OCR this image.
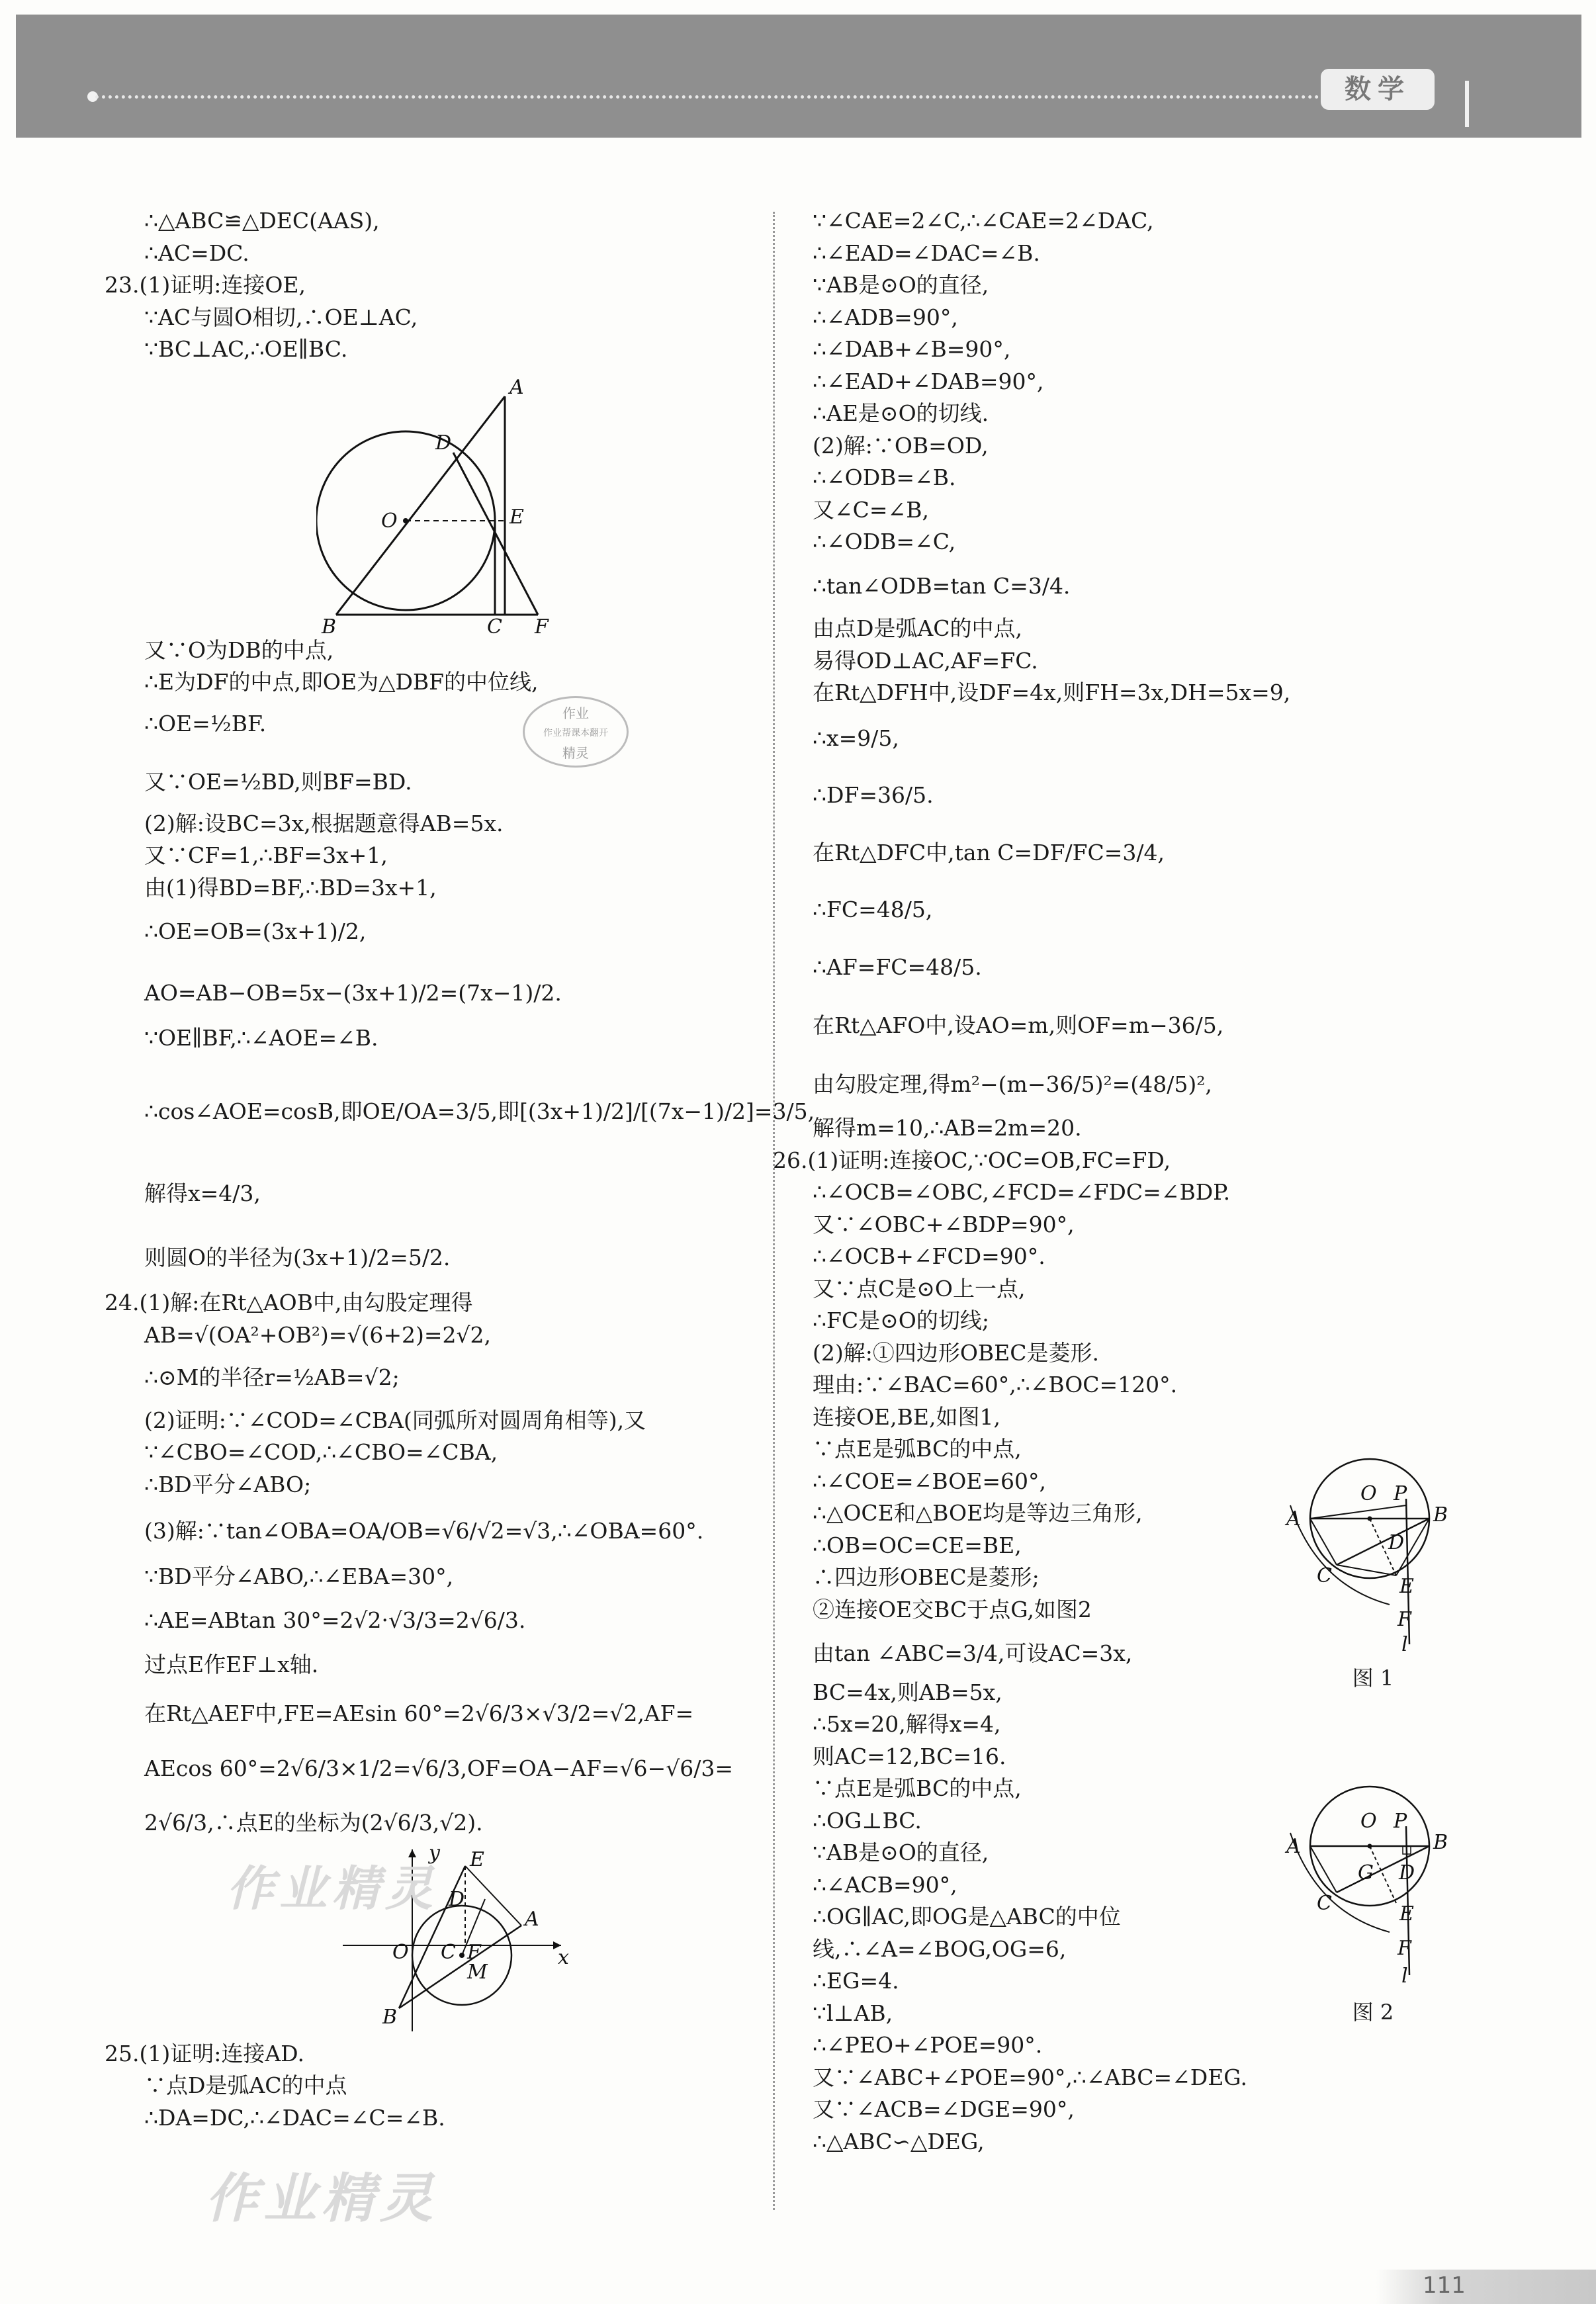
数学
∴△ABC≌△DEC(AAS),
∴AC=DC.
23.(1)证明:连接OE,
∵AC与圆O相切,∴OE⊥AC,
∵BC⊥AC,∴OE∥BC.
A
D
O	E
B	C F
又∵O为DB的中点,
∴E为DF的中点,即OE为△DBF的中位线,
∴OE=½BF.
又∵OE=½BD,则BF=BD.
(2)解:设BC=3x,根据题意得AB=5x.
又∵CF=1,∴BF=3x+1,
由(1)得BD=BF,∴BD=3x+1,
∴OE=OB=(3x+1)/2,
AO=AB−OB=5x−(3x+1)/2=(7x−1)/2.
∵OE∥BF,∴∠AOE=∠B.
∴cos∠AOE=cosB,即OE/OA=3/5,即[(3x+1)/2]/[(7x−1)/2]=3/5,
解得x=4/3,
则圆O的半径为(3x+1)/2=5/2.
24.(1)解:在Rt△AOB中,由勾股定理得
AB=√(OA²+OB²)=√(6+2)=2√2,
∴⊙M的半径r=½AB=√2;
(2)证明:∵∠COD=∠CBA(同弧所对圆周角相等),又
∵∠CBO=∠COD,∴∠CBO=∠CBA,
∴BD平分∠ABO;
(3)解:∵tan∠OBA=OA/OB=√6/√2=√3,∴∠OBA=60°.
∵BD平分∠ABO,∴∠EBA=30°,
∴AE=ABtan 30°=2√2·√3/3=2√6/3.
过点E作EF⊥x轴.
在Rt△AEF中,FE=AEsin 60°=2√6/3×√3/2=√2,AF=
AEcos 60°=2√6/3×1/2=√6/3,OF=OA−AF=√6−√6/3=
2√6/3,∴点E的坐标为(2√6/3,√2).
y E
D
A
O C F	x
M
B
25.(1)证明:连接AD.
∵点D是弧AC的中点
∴DA=DC,∴∠DAC=∠C=∠B.
∵∠CAE=2∠C,∴∠CAE=2∠DAC,
∴∠EAD=∠DAC=∠B.
∵AB是⊙O的直径,
∴∠ADB=90°,
∴∠DAB+∠B=90°,
∴∠EAD+∠DAB=90°,
∴AE是⊙O的切线.
(2)解:∵OB=OD,
∴∠ODB=∠B.
又∠C=∠B,
∴∠ODB=∠C,
∴tan∠ODB=tan C=3/4.
由点D是弧AC的中点,
易得OD⊥AC,AF=FC.
在Rt△DFH中,设DF=4x,则FH=3x,DH=5x=9,
∴x=9/5,
∴DF=36/5.
在Rt△DFC中,tan C=DF/FC=3/4,
∴FC=48/5,
∴AF=FC=48/5.
在Rt△AFO中,设AO=m,则OF=m−36/5,
由勾股定理,得m²−(m−36/5)²=(48/5)²,
解得m=10,∴AB=2m=20.
26.(1)证明:连接OC,∵OC=OB,FC=FD,
∴∠OCB=∠OBC,∠FCD=∠FDC=∠BDP.
又∵∠OBC+∠BDP=90°,
∴∠OCB+∠FCD=90°.
又∵点C是⊙O上一点,
∴FC是⊙O的切线;
(2)解:①四边形OBEC是菱形.
理由:∵∠BAC=60°,∴∠BOC=120°.
连接OE,BE,如图1,
∵点E是弧BC的中点,
∴∠COE=∠BOE=60°,
∴△OCE和△BOE均是等边三角形,
∴OB=OC=CE=BE,
∴四边形OBEC是菱形;
②连接OE交BC于点G,如图2
由tan ∠ABC=3/4,可设AC=3x,
BC=4x,则AB=5x,
∴5x=20,解得x=4,
则AC=12,BC=16.
∵点E是弧BC的中点,
∴OG⊥BC.
∵AB是⊙O的直径,
∴∠ACB=90°,
∴OG∥AC,即OG是△ABC的中位
线,∴∠A=∠BOG,OG=6,
∴EG=4.
∵l⊥AB,
∴∠PEO+∠POE=90°.
又∵∠ABC+∠POE=90°,∴∠ABC=∠DEG.
又∵∠ACB=∠DGE=90°,
∴△ABC∽△DEG,
O P
A	B
D
C	E
F
l
图 1
O P
A	B
G D
C	E
F
l
图 2
作业
作业帮课本翻开
精灵
作业精灵
作业精灵
111
